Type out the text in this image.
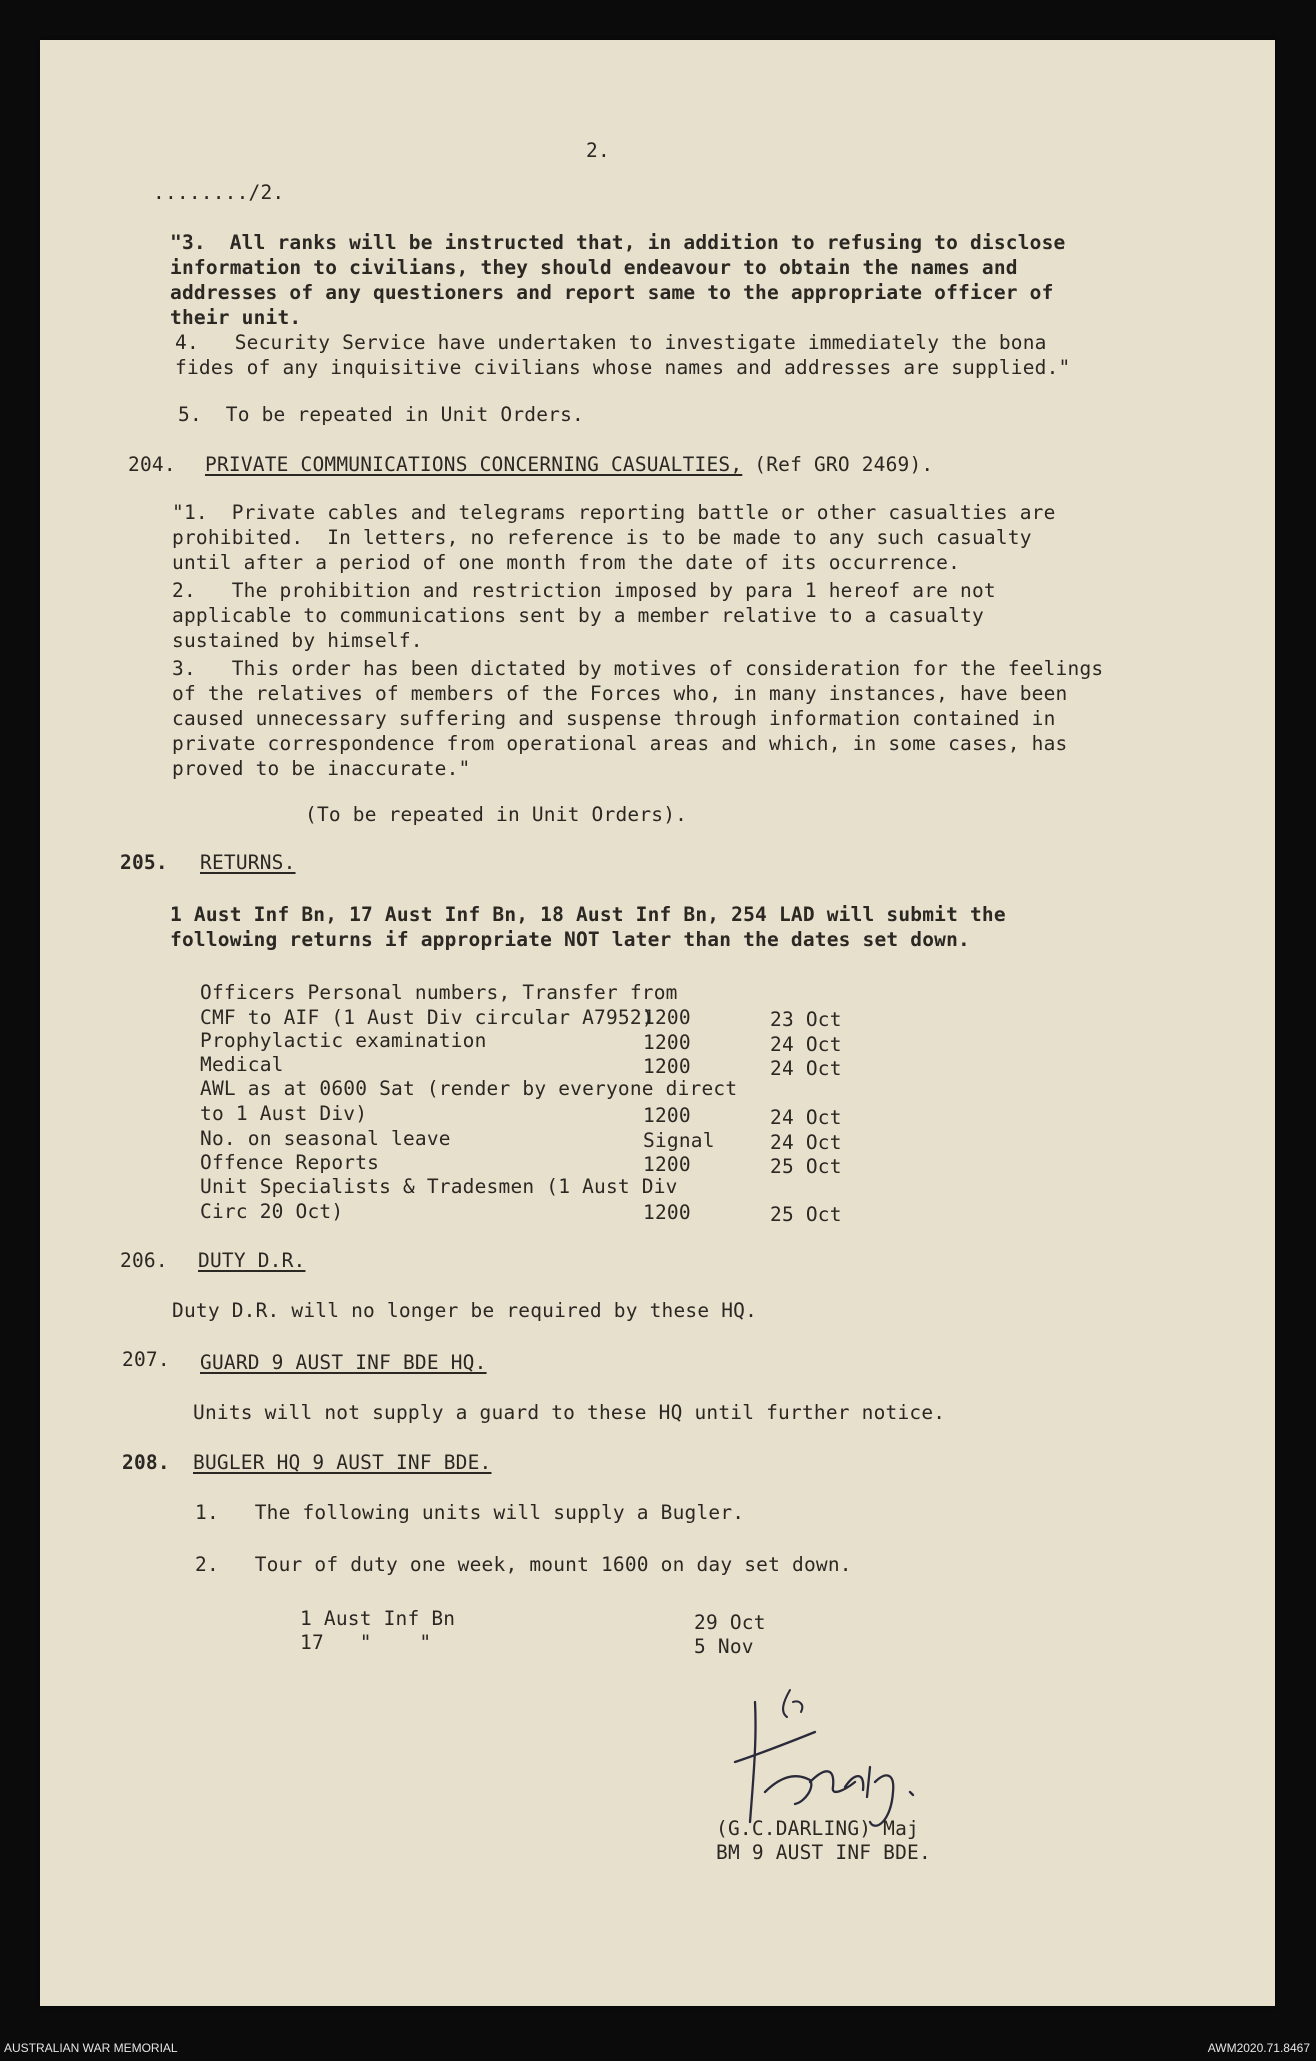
2.
......../2.
"3.  All ranks will be instructed that, in addition to refusing to disclose
information to civilians, they should endeavour to obtain the names and
addresses of any questioners and report same to the appropriate officer of
their unit.
4.   Security Service have undertaken to investigate immediately the bona
fides of any inquisitive civilians whose names and addresses are supplied."
5.  To be repeated in Unit Orders.
204. PRIVATE COMMUNICATIONS CONCERNING CASUALTIES, (Ref GRO 2469).
"1.  Private cables and telegrams reporting battle or other casualties are
prohibited.  In letters, no reference is to be made to any such casualty
until after a period of one month from the date of its occurrence.
2.   The prohibition and restriction imposed by para 1 hereof are not
applicable to communications sent by a member relative to a casualty
sustained by himself.
3.   This order has been dictated by motives of consideration for the feelings
of the relatives of members of the Forces who, in many instances, have been
caused unnecessary suffering and suspense through information contained in
private correspondence from operational areas and which, in some cases, has
proved to be inaccurate."
(To be repeated in Unit Orders).
205. RETURNS.
1 Aust Inf Bn, 17 Aust Inf Bn, 18 Aust Inf Bn, 254 LAD will submit the
following returns if appropriate NOT later than the dates set down.
Officers Personal numbers, Transfer from
CMF to AIF (1 Aust Div circular A7952)
1200	23 Oct
Prophylactic examination	1200	24 Oct
Medical	1200	24 Oct
AWL as at 0600 Sat (render by everyone direct
to 1 Aust Div)	1200	24 Oct
No. on seasonal leave	Signal	24 Oct
Offence Reports	1200	25 Oct
Unit Specialists & Tradesmen (1 Aust Div
Circ 20 Oct)	1200	25 Oct
206. DUTY D.R.
Duty D.R. will no longer be required by these HQ.
207. GUARD 9 AUST INF BDE HQ.
Units will not supply a guard to these HQ until further notice.
208. BUGLER HQ 9 AUST INF BDE.
1.   The following units will supply a Bugler.
2.   Tour of duty one week, mount 1600 on day set down.
1 Aust Inf Bn	29 Oct
17   "    "	5 Nov
(G.C.DARLING) Maj
BM 9 AUST INF BDE.
AUSTRALIAN WAR MEMORIAL	AWM2020.71.8467
